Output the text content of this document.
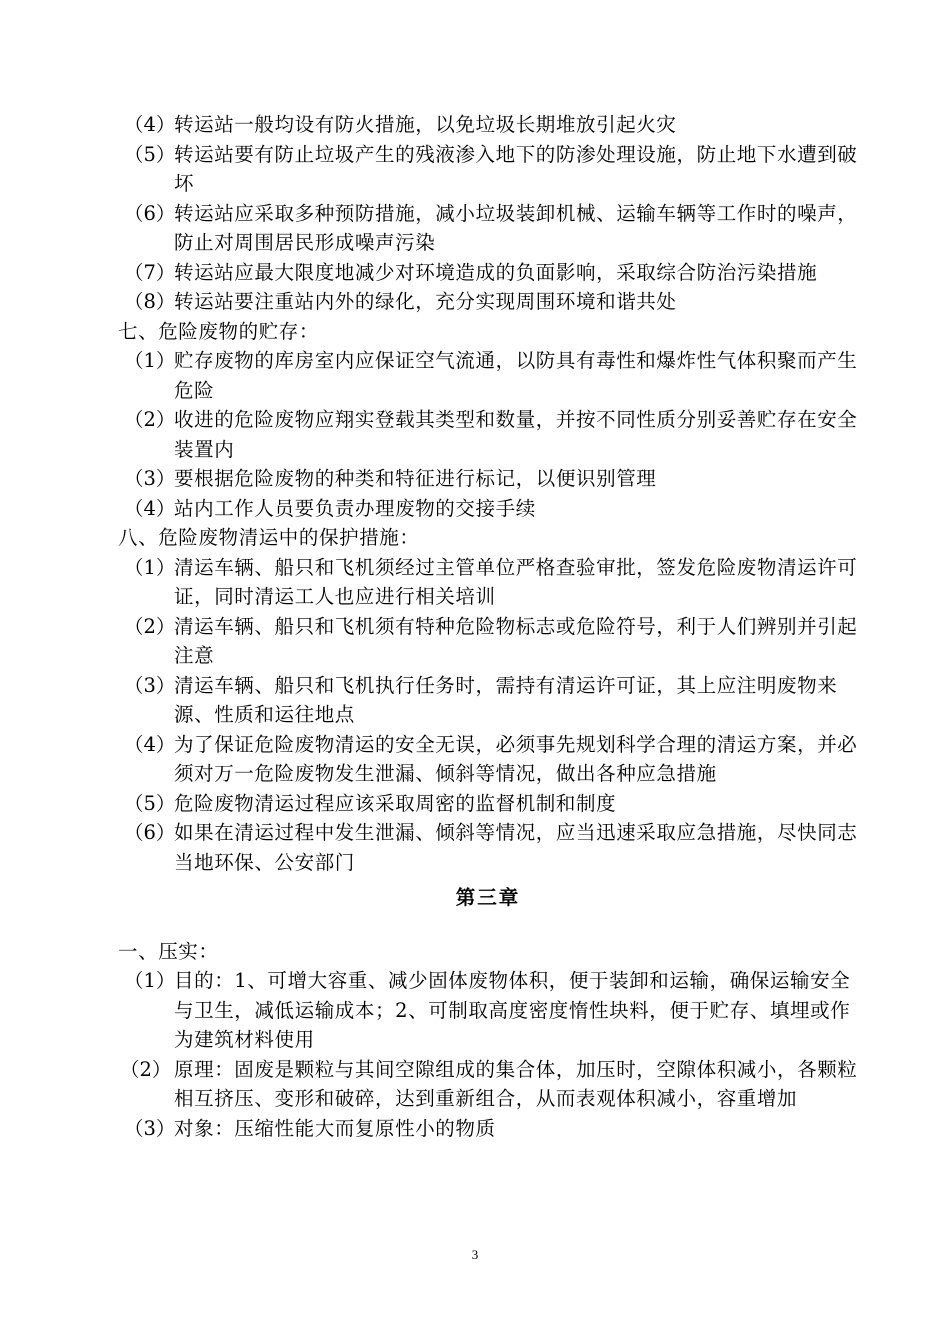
（4）
转运站一般均设有防火措施，以免垃圾长期堆放引起火灾
（5）
转运站要有防止垃圾产生的残液渗入地下的防渗处理设施，防止地下水遭到破坏
（6）
转运站应采取多种预防措施，减小垃圾装卸机械、运输车辆等工作时的噪声，防止对周围居民形成噪声污染
（7）
转运站应最大限度地减少对环境造成的负面影响，采取综合防治污染措施
（8）
转运站要注重站内外的绿化，充分实现周围环境和谐共处
七、危险废物的贮存：
（1）
贮存废物的库房室内应保证空气流通，以防具有毒性和爆炸性气体积聚而产生危险
（2）
收进的危险废物应翔实登载其类型和数量，并按不同性质分别妥善贮存在安全装置内
（3）
要根据危险废物的种类和特征进行标记，以便识别管理
（4）
站内工作人员要负责办理废物的交接手续
八、危险废物清运中的保护措施：
（1）
清运车辆、船只和飞机须经过主管单位严格查验审批，签发危险废物清运许可证，同时清运工人也应进行相关培训
（2）
清运车辆、船只和飞机须有特种危险物标志或危险符号，利于人们辨别并引起注意
（3）
清运车辆、船只和飞机执行任务时，需持有清运许可证，其上应注明废物来源、性质和运往地点
（4）
为了保证危险废物清运的安全无误，必须事先规划科学合理的清运方案，并必须对万一危险废物发生泄漏、倾斜等情况，做出各种应急措施
（5）
危险废物清运过程应该采取周密的监督机制和制度
（6）
如果在清运过程中发生泄漏、倾斜等情况，应当迅速采取应急措施，尽快同志当地环保、公安部门
第三章
一、压实：
（1）
目的：1、可增大容重、减少固体废物体积，便于装卸和运输，确保运输安全与卫生，减低运输成本；2、可制取高度密度惰性块料，便于贮存、填埋或作为建筑材料使用
（2） 原理：固废是颗粒与其间空隙组成的集合体，加压时，空隙体积减小，各颗粒相互挤压、变形和破碎，达到重新组合，从而表观体积减小，容重增加
（3）
对象：压缩性能大而复原性小的物质
3
